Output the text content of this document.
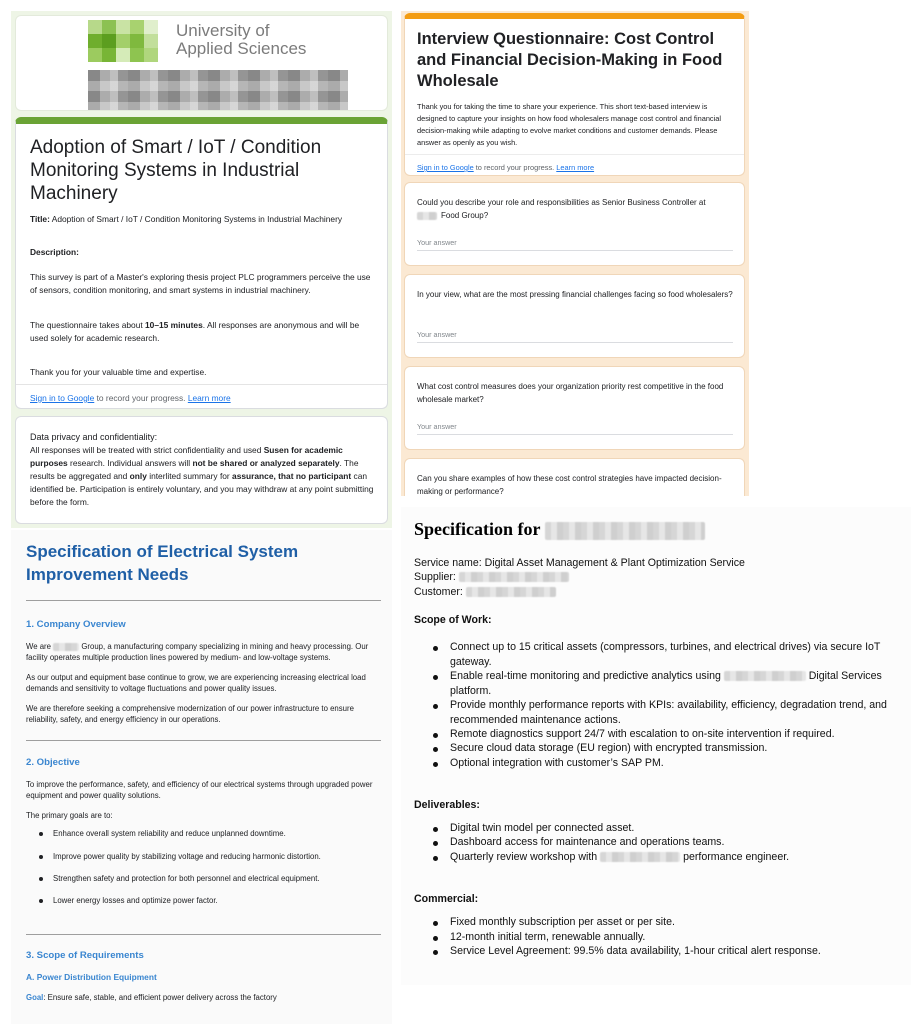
University of
Applied Sciences
Adoption of Smart / IoT / Condition Monitoring Systems in Industrial Machinery
Title: Adoption of Smart / IoT / Condition Monitoring Systems in Industrial Machinery
Description:
This survey is part of a Master's exploring thesis project PLC programmers perceive the use of sensors, condition monitoring, and smart systems in industrial machinery.
The questionnaire takes about 10–15 minutes. All responses are anonymous and will be used solely for academic research.
Thank you for your valuable time and expertise.
Sign in to Google to record your progress. Learn more
Data privacy and confidentiality:
All responses will be treated with strict confidentiality and used Susen for academic purposes research. Individual answers will not be shared or analyzed separately. The results be aggregated and only interlited summary for assurance, that no participant can identified be. Participation is entirely voluntary, and you may withdraw at any point submitting before the form.
Interview Questionnaire: Cost Control and Financial Decision-Making in Food Wholesale
Thank you for taking the time to share your experience. This short text-based interview is designed to capture your insights on how food wholesalers manage cost control and financial decision-making while adapting to evolve market conditions and customer demands. Please answer as openly as you wish.
Sign in to Google to record your progress. Learn more
Could you describe your role and responsibilities as Senior Business Controller at
Food Group?
Your answer
In your view, what are the most pressing financial challenges facing so food wholesalers?
Your answer
What cost control measures does your organization priority rest competitive in the food wholesale market?
Your answer
Can you share examples of how these cost control strategies have impacted decision-making or performance?
Specification of Electrical System Improvement Needs
1. Company Overview
We are	Group, a manufacturing company specializing in mining and heavy processing. Our facility operates multiple production lines powered by medium- and low-voltage systems.
As our output and equipment base continue to grow, we are experiencing increasing electrical load demands and sensitivity to voltage fluctuations and power quality issues.
We are therefore seeking a comprehensive modernization of our power infrastructure to ensure reliability, safety, and energy efficiency in our operations.
2. Objective
To improve the performance, safety, and efficiency of our electrical systems through upgraded power equipment and power quality solutions.
The primary goals are to:
Enhance overall system reliability and reduce unplanned downtime.
Improve power quality by stabilizing voltage and reducing harmonic distortion.
Strengthen safety and protection for both personnel and electrical equipment.
Lower energy losses and optimize power factor.
3. Scope of Requirements
A. Power Distribution Equipment
Goal: Ensure safe, stable, and efficient power delivery across the factory
Specification for
Service name: Digital Asset Management & Plant Optimization Service
Supplier:
Customer:
Scope of Work:
Connect up to 15 critical assets (compressors, turbines, and electrical drives) via secure IoT gateway.
Enable real-time monitoring and predictive analytics using	Digital Services platform.
Provide monthly performance reports with KPIs: availability, efficiency, degradation trend, and recommended maintenance actions.
Remote diagnostics support 24/7 with escalation to on-site intervention if required.
Secure cloud data storage (EU region) with encrypted transmission.
Optional integration with customer’s SAP PM.
Deliverables:
Digital twin model per connected asset.
Dashboard access for maintenance and operations teams.
Quarterly review workshop with	performance engineer.
Commercial:
Fixed monthly subscription per asset or per site.
12-month initial term, renewable annually.
Service Level Agreement: 99.5% data availability, 1-hour critical alert response.
